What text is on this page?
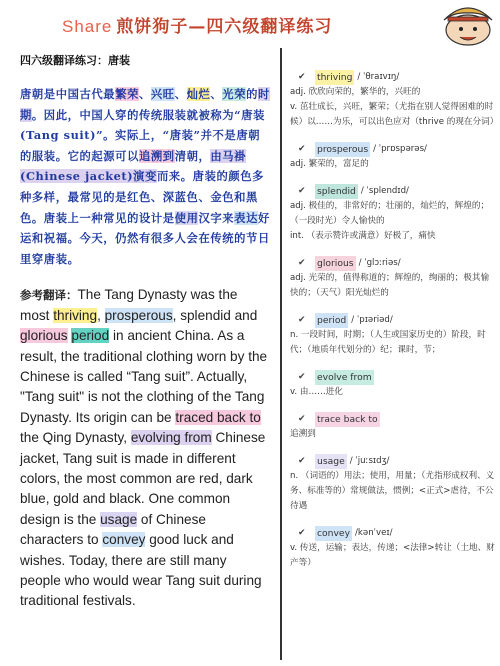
Share 煎饼狗子—四六级翻译练习
四六级翻译练习：唐装
唐朝是中国古代最繁荣、兴旺、灿烂、光荣的时期。因此，中国人穿的传统服装就被称为“唐装(Tang suit)”。实际上，“唐装”并不是唐朝的服装。它的起源可以追溯到清朝，由马褂 (Chinese jacket)演变而来。唐装的颜色多种多样，最常见的是红色、深蓝色、金色和黑色。唐装上一种常见的设计是使用汉字来表达好运和祝福。今天，仍然有很多人会在传统的节日里穿唐装。
参考翻译：The Tang Dynasty was the most thriving, prosperous, splendid and glorious period in ancient China. As a result, the traditional clothing worn by the Chinese is called “Tang suit”. Actually, "Tang suit" is not the clothing of the Tang Dynasty. Its origin can be traced back to the Qing Dynasty, evolving from Chinese jacket, Tang suit is made in different colors, the most common are red, dark blue, gold and black. One common design is the usage of Chinese characters to convey good luck and wishes. Today, there are still many people who would wear Tang suit during traditional festivals.
✔	thriving / ˈθraɪvɪŋ/
adj. 欣欣向荣的，繁华的，兴旺的
v. 茁壮成长，兴旺，繁荣；（尤指在别人觉得困难的时候）以……为乐，可以出色应对（thrive 的现在分词）
✔	prosperous / ˈprɒspərəs/
adj. 繁荣的，富足的
✔	splendid / ˈsplendɪd/
adj. 极佳的，非常好的；壮丽的，灿烂的，辉煌的；（一段时光）令人愉快的
int. （表示赞许或满意）好极了，痛快
✔	glorious / ˈglɔːriəs/
adj. 光荣的，值得称道的；辉煌的，绚丽的；极其愉快的；（天气）阳光灿烂的
✔	period / ˈpɪəriəd/
n. 一段时间，时期；（人生或国家历史的）阶段，时代；（地质年代划分的）纪；课时，节；
✔	evolve from
v. 由……进化
✔	trace back to
追溯到
✔	usage / ˈjuːsɪdʒ/
n. （词语的）用法；使用，用量；（尤指形成权利、义务、标准等的）常规做法，惯例；<正式>虐待，不公待遇
✔	convey /kənˈveɪ/
v. 传送，运输；表达，传递；<法律>转让（土地、财产等）
